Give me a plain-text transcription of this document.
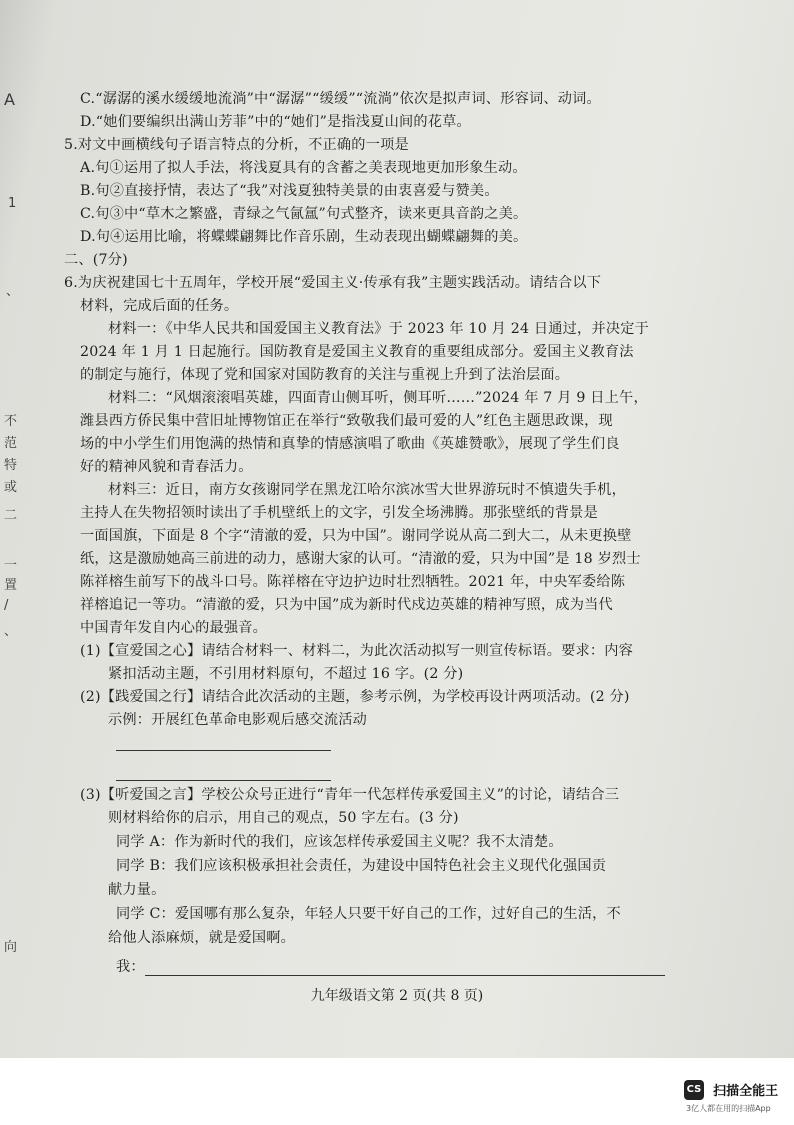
A
1
、
不
范
特
或
二
一
置
/
、
向
C.“潺潺的溪水缓缓地流淌”中“潺潺”“缓缓”“流淌”依次是拟声词、形容词、动词。
D.“她们要编织出满山芳菲”中的“她们”是指浅夏山间的花草。
5.对文中画横线句子语言特点的分析，不正确的一项是
A.句①运用了拟人手法，将浅夏具有的含蓄之美表现地更加形象生动。
B.句②直接抒情，表达了“我”对浅夏独特美景的由衷喜爱与赞美。
C.句③中“草木之繁盛，青绿之气氤氲”句式整齐，读来更具音韵之美。
D.句④运用比喻，将蝶蝶翩舞比作音乐剧，生动表现出蝴蝶翩舞的美。
二、(7分)
6.为庆祝建国七十五周年，学校开展“爱国主义·传承有我”主题实践活动。请结合以下
材料，完成后面的任务。
材料一：《中华人民共和国爱国主义教育法》于 2023 年 10 月 24 日通过，并决定于
2024 年 1 月 1 日起施行。国防教育是爱国主义教育的重要组成部分。爱国主义教育法
的制定与施行，体现了党和国家对国防教育的关注与重视上升到了法治层面。
材料二：“风烟滚滚唱英雄，四面青山侧耳听，侧耳听……”2024 年 7 月 9 日上午，
潍县西方侨民集中营旧址博物馆正在举行“致敬我们最可爱的人”红色主题思政课，现
场的中小学生们用饱满的热情和真挚的情感演唱了歌曲《英雄赞歌》，展现了学生们良
好的精神风貌和青春活力。
材料三：近日，南方女孩谢同学在黑龙江哈尔滨冰雪大世界游玩时不慎遗失手机，
主持人在失物招领时读出了手机壁纸上的文字，引发全场沸腾。那张壁纸的背景是
一面国旗，下面是 8 个字“清澈的爱，只为中国”。谢同学说从高二到大二，从未更换壁
纸，这是激励她高三前进的动力，感谢大家的认可。“清澈的爱，只为中国”是 18 岁烈士
陈祥榕生前写下的战斗口号。陈祥榕在守边护边时壮烈牺牲。2021 年，中央军委给陈
祥榕追记一等功。“清澈的爱，只为中国”成为新时代戍边英雄的精神写照，成为当代
中国青年发自内心的最强音。
(1)【宣爱国之心】请结合材料一、材料二，为此次活动拟写一则宣传标语。要求：内容
紧扣活动主题，不引用材料原句，不超过 16 字。(2 分)
(2)【践爱国之行】请结合此次活动的主题，参考示例，为学校再设计两项活动。(2 分)
示例：开展红色革命电影观后感交流活动
(3)【听爱国之言】学校公众号正进行“青年一代怎样传承爱国主义”的讨论，请结合三
则材料给你的启示，用自己的观点，50 字左右。(3 分)
同学 A：作为新时代的我们，应该怎样传承爱国主义呢？我不太清楚。
同学 B：我们应该积极承担社会责任，为建设中国特色社会主义现代化强国贡
献力量。
同学 C：爱国哪有那么复杂，年轻人只要干好自己的工作，过好自己的生活，不
给他人添麻烦，就是爱国啊。
我：
九年级语文第 2 页(共 8 页)
CS 扫描全能王
3亿人都在用的扫描App
